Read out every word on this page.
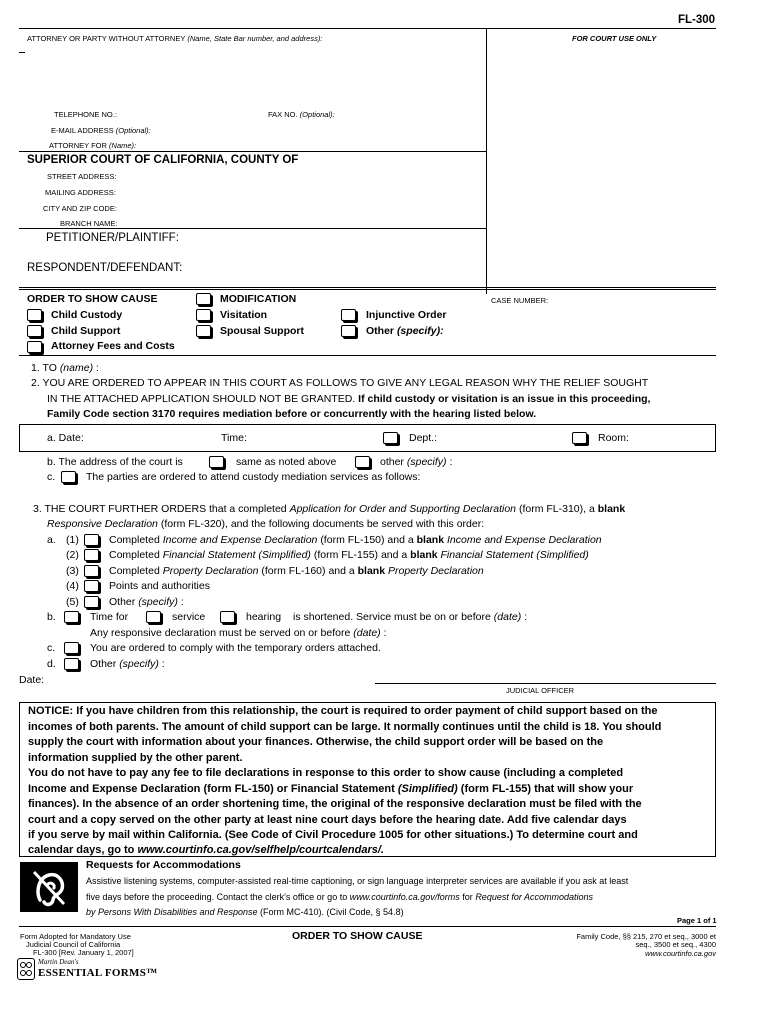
FL-300
ATTORNEY OR PARTY WITHOUT ATTORNEY (Name, State Bar number, and address):	FOR COURT USE ONLY
TELEPHONE NO.:	FAX NO. (Optional):
E-MAIL ADDRESS (Optional):
ATTORNEY FOR (Name):
SUPERIOR COURT OF CALIFORNIA, COUNTY OF
STREET ADDRESS:
MAILING ADDRESS:
CITY AND ZIP CODE:
BRANCH NAME:
PETITIONER/PLAINTIFF:
RESPONDENT/DEFENDANT:
ORDER TO SHOW CAUSE	MODIFICATION	CASE NUMBER:
Child Custody	Visitation	Injunctive Order
Child Support	Spousal Support	Other (specify):
Attorney Fees and Costs
1. TO (name) :
2. YOU ARE ORDERED TO APPEAR IN THIS COURT AS FOLLOWS TO GIVE ANY LEGAL REASON WHY THE RELIEF SOUGHT
IN THE ATTACHED APPLICATION SHOULD NOT BE GRANTED. If child custody or visitation is an issue in this proceeding,
Family Code section 3170 requires mediation before or concurrently with the hearing listed below.
a. Date:	Time:	Dept.:	Room:
b. The address of the court is	same as noted above	other (specify) :
c.	The parties are ordered to attend custody mediation services as follows:
3. THE COURT FURTHER ORDERS that a completed Application for Order and Supporting Declaration (form FL-310), a blank
Responsive Declaration (form FL-320), and the following documents be served with this order:
a. (1)	Completed Income and Expense Declaration (form FL-150) and a blank Income and Expense Declaration
(2)	Completed Financial Statement (Simplified) (form FL-155) and a blank Financial Statement (Simplified)
(3)	Completed Property Declaration (form FL-160) and a blank Property Declaration
(4)	Points and authorities
(5)	Other (specify) :
b.	Time for	service	hearing is shortened. Service must be on or before (date) :
Any responsive declaration must be served on or before (date) :
c.	You are ordered to comply with the temporary orders attached.
d.	Other (specify) :
Date:
JUDICIAL OFFICER

NOTICE: If you have children from this relationship, the court is required to order payment of child support based on the

incomes of both parents. The amount of child support can be large. It normally continues until the child is 18. You should

supply the court with information about your finances. Otherwise, the child support order will be based on the

information supplied by the other parent.

You do not have to pay any fee to file declarations in response to this order to show cause (including a completed

Income and Expense Declaration (form FL-150) or Financial Statement (Simplified) (form FL-155) that will show your

finances). In the absence of an order shortening time, the original of the responsive declaration must be filed with the

court and a copy served on the other party at least nine court days before the hearing date. Add five calendar days

if you serve by mail within California. (See Code of Civil Procedure 1005 for other situations.) To determine court and

calendar days, go to www.courtinfo.ca.gov/selfhelp/courtcalendars/.

Requests for Accommodations
Assistive listening systems, computer-assisted real-time captioning, or sign language interpreter services are available if you ask at least
five days before the proceeding. Contact the clerk's office or go to www.courtinfo.ca.gov/forms for Request for Accommodations
by Persons With Disabilities and Response (Form MC-410). (Civil Code, § 54.8)
Page 1 of 1
Form Adopted for Mandatory Use
Judicial Council of California
FL-300 [Rev. January 1, 2007]
ORDER TO SHOW CAUSE	Family Code, §§ 215, 270 et seq., 3000 et
seq., 3500 et seq., 4300
www.courtinfo.ca.gov
Martin Dean's
ESSENTIAL FORMS™
